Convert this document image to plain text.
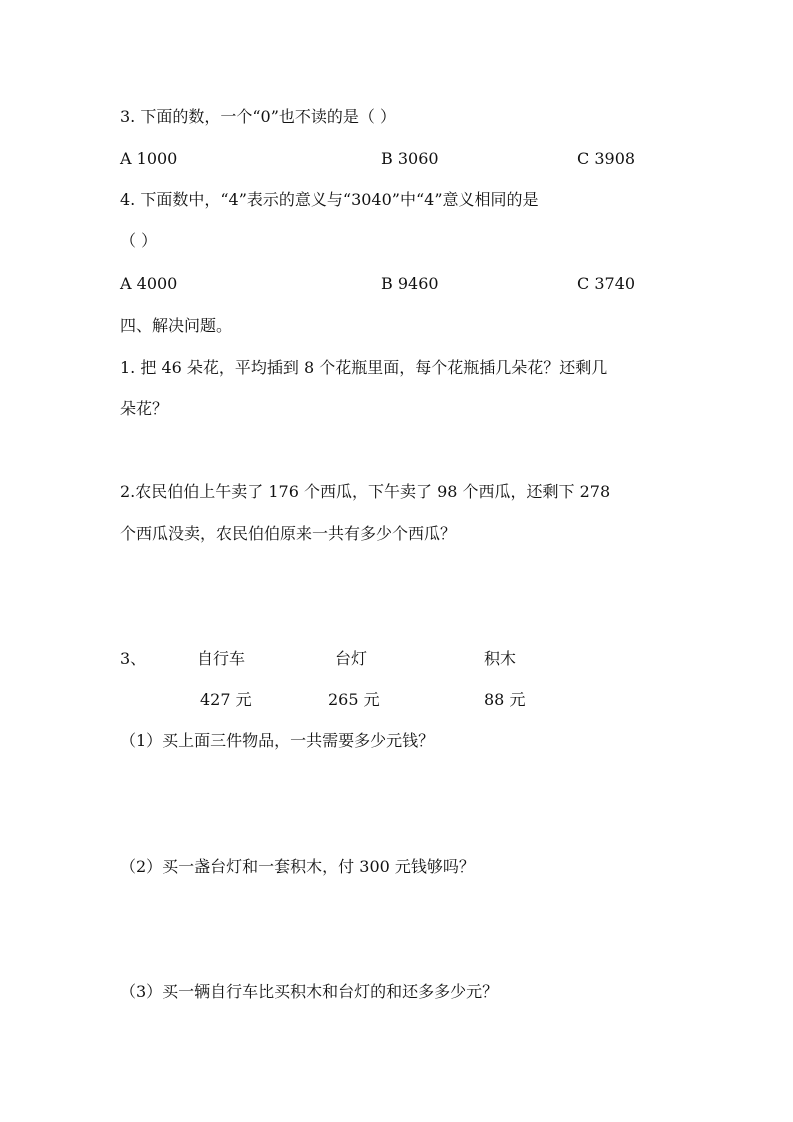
3. 下面的数，一个“0”也不读的是（ ）
A 1000	B 3060	C 3908
4. 下面数中，“4”表示的意义与“3040”中“4”意义相同的是
（ ）
A 4000	B 9460	C 3740
四、解决问题。
1. 把 46 朵花，平均插到 8 个花瓶里面，每个花瓶插几朵花？还剩几
朵花？
2.农民伯伯上午卖了 176 个西瓜，下午卖了 98 个西瓜，还剩下 278
个西瓜没卖，农民伯伯原来一共有多少个西瓜？
3、	自行车	台灯	积木
427 元	265 元	88 元
（1）买上面三件物品，一共需要多少元钱？
（2）买一盏台灯和一套积木，付 300 元钱够吗？
（3）买一辆自行车比买积木和台灯的和还多多少元？
